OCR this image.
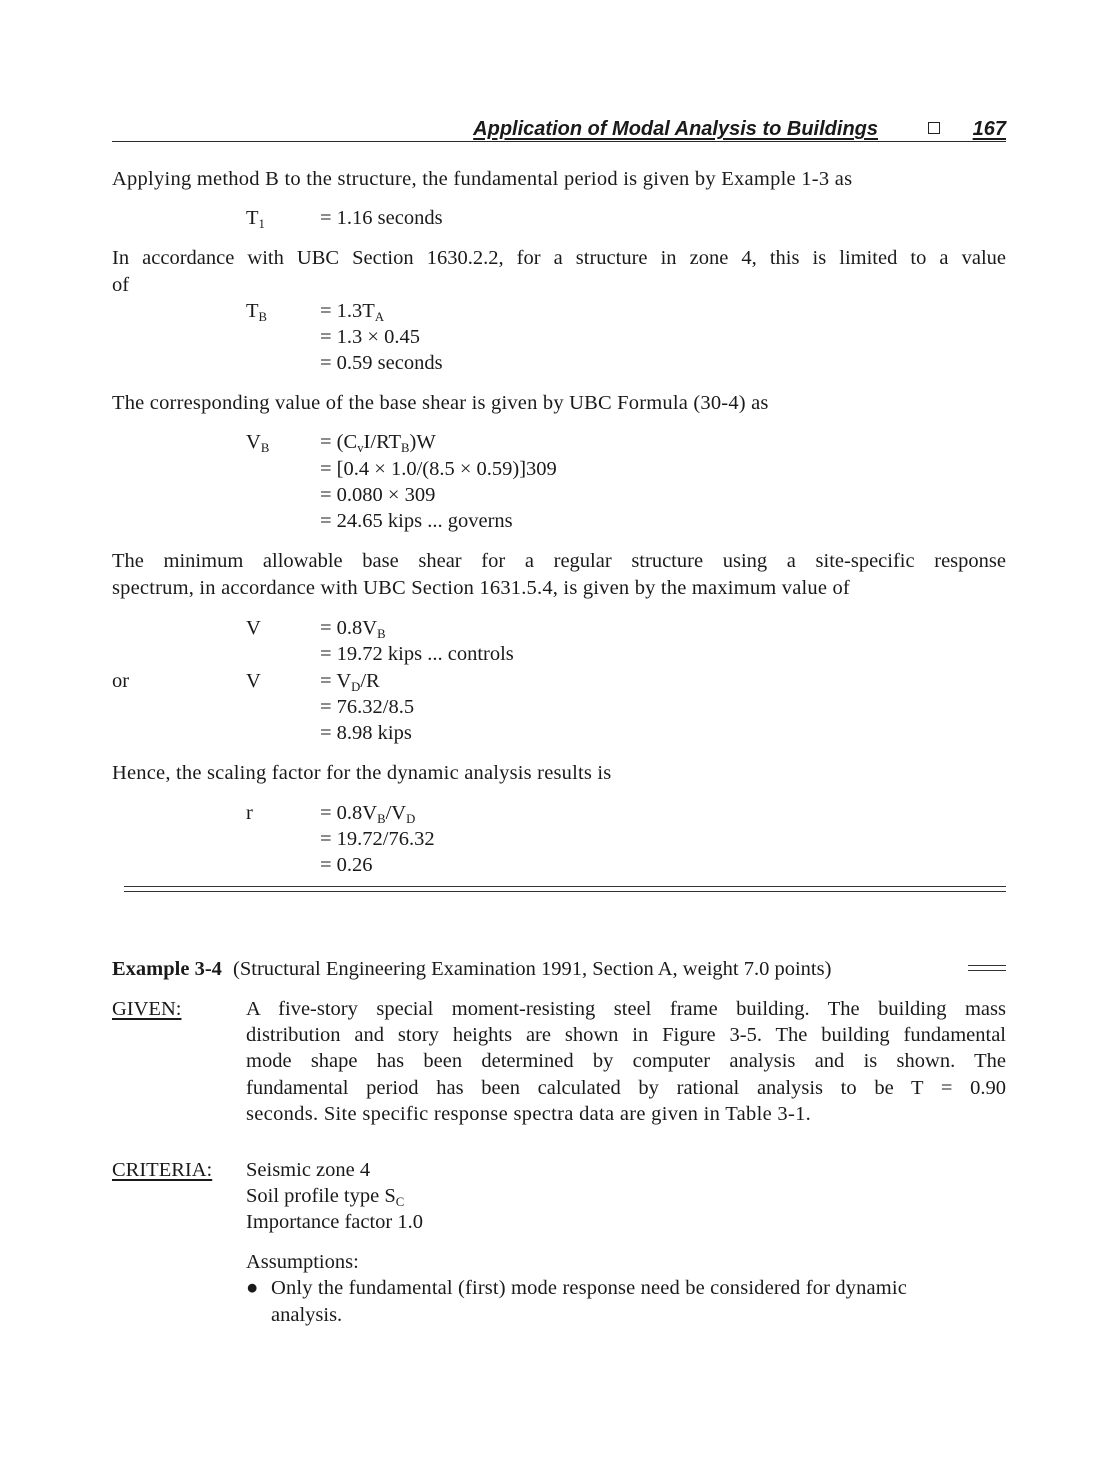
Application of Modal Analysis to Buildings	167
Applying method B to the structure, the fundamental period is given by Example 1-3 as
$T_1$	= 1.16 seconds
In accordance with UBC Section 1630.2.2, for a structure in zone 4, this is limited to a value
of
$T_B$	= $1.3T_A$
= 1.3 × 0.45
= 0.59 seconds
The corresponding value of the base shear is given by UBC Formula (30-4) as
$V_B = (C_vI/RT_B)W$
= [0.4 × 1.0/(8.5 × 0.59)]309
= 0.080 × 309
= 24.65 kips ... governs
The minimum allowable base shear for a regular structure using a site-specific response
spectrum, in accordance with UBC Section 1631.5.4, is given by the maximum value of
V	= $0.8V_B$
= 19.72 kips ... controls
or	V	= $V_D/R$
= 76.32/8.5
= 8.98 kips
Hence, the scaling factor for the dynamic analysis results is
r	= $0.8V_B/V_D$
= 19.72/76.32
= 0.26
Example 3-4 (Structural Engineering Examination 1991, Section A, weight 7.0 points)
GIVEN:	A five-story special moment-resisting steel frame building. The building mass
distribution and story heights are shown in Figure 3-5. The building fundamental
mode shape has been determined by computer analysis and is shown. The
fundamental period has been calculated by rational analysis to be T = 0.90
seconds. Site specific response spectra data are given in Table 3-1.
CRITERIA: Seismic zone 4
Soil profile type $S_C$
Importance factor 1.0
Assumptions:
● Only the fundamental (first) mode response need be considered for dynamic
analysis.
